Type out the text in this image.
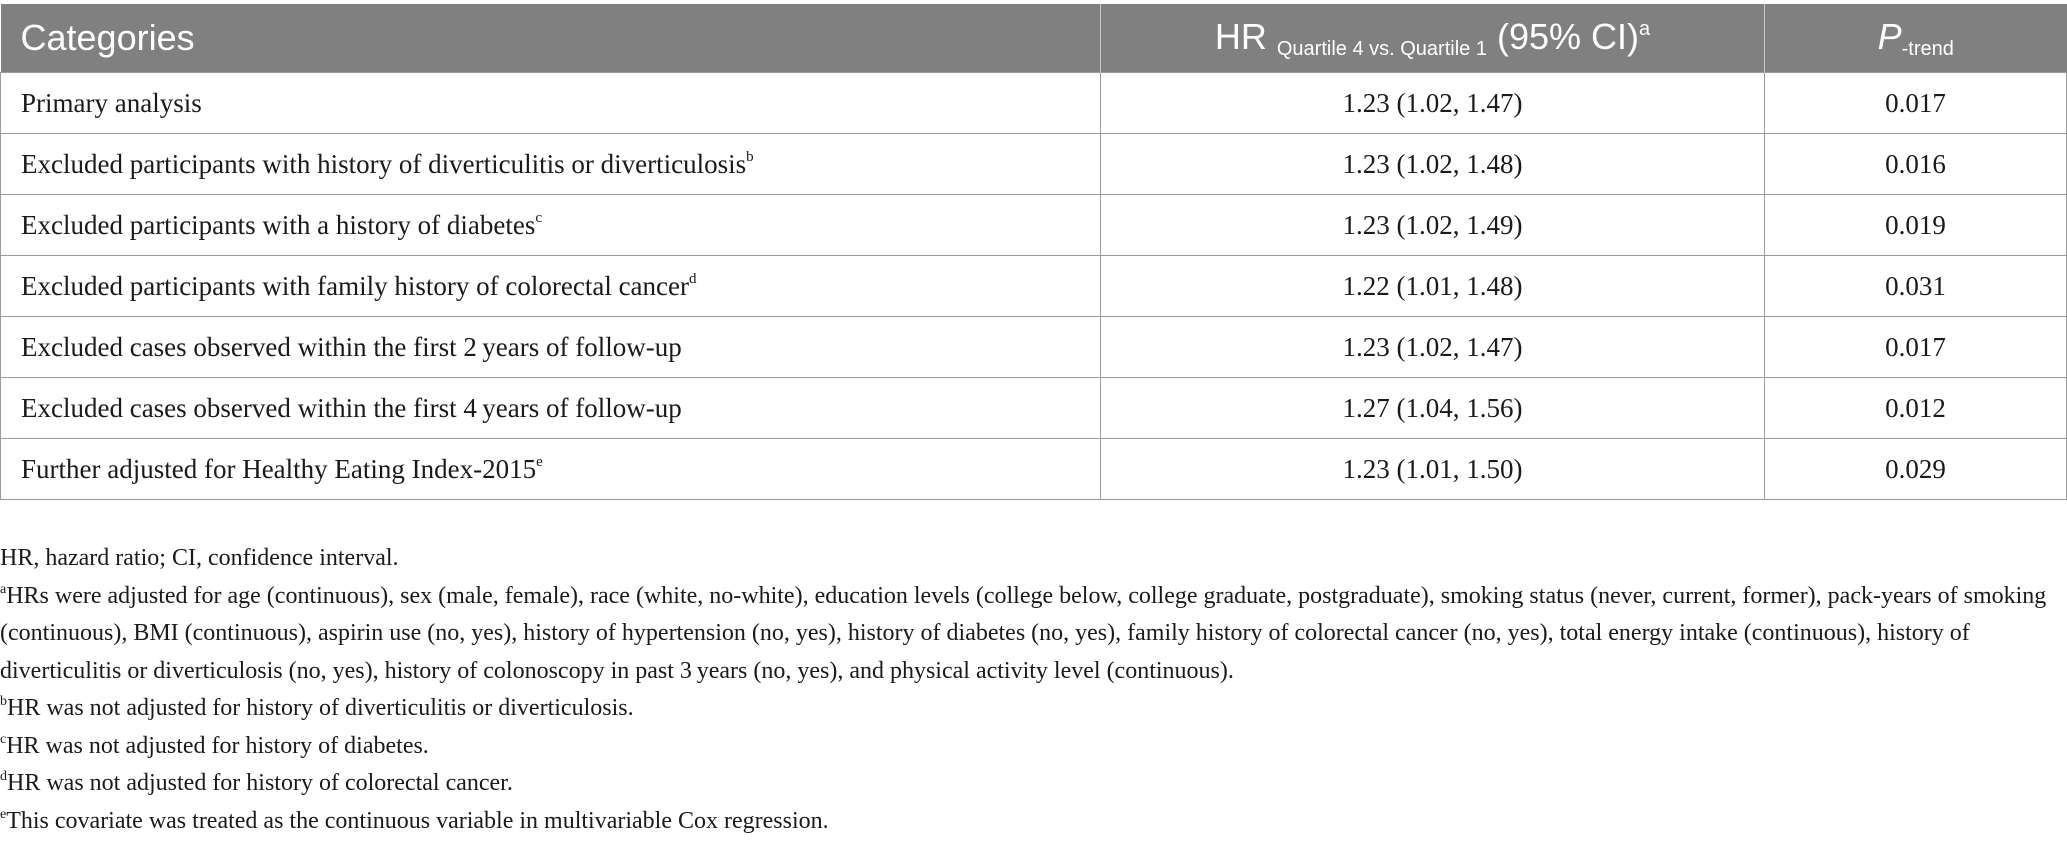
Categories	HR $_{Quartile 4 vs. Quartile 1}$ (95% CI)$^a$	$P_{-trend}$
Primary analysis	1.23 (1.02, 1.47)	0.017
Excluded participants with history of diverticulitis or diverticulosis$^b$	1.23 (1.02, 1.48)	0.016
Excluded participants with a history of diabetes$^c$	1.23 (1.02, 1.49)	0.019
Excluded participants with family history of colorectal cancer$^d$	1.22 (1.01, 1.48)	0.031
Excluded cases observed within the first 2 years of follow-up	1.23 (1.02, 1.47)	0.017
Excluded cases observed within the first 4 years of follow-up	1.27 (1.04, 1.56)	0.012
Further adjusted for Healthy Eating Index-2015e	1.23 (1.01, 1.50)	0.029

HR, hazard ratio; CI, confidence interval.

$^a$HRs were adjusted for age (continuous), sex (male, female), race (white, no-white), education levels (college below, college graduate, postgraduate), smoking status (never, current, former), pack-years of smoking (continuous), BMI (continuous), aspirin use (no, yes), history of hypertension (no, yes), history of diabetes (no, yes), family history of colorectal cancer (no, yes), total energy intake (continuous), history of diverticulitis or diverticulosis (no, yes), history of colonoscopy in past 3 years (no, yes), and physical activity level (continuous).

$^b$HR was not adjusted for history of diverticulitis or diverticulosis.

$^c$HR was not adjusted for history of diabetes.

$^d$HR was not adjusted for history of colorectal cancer.

$^e$This covariate was treated as the continuous variable in multivariable Cox regression.
